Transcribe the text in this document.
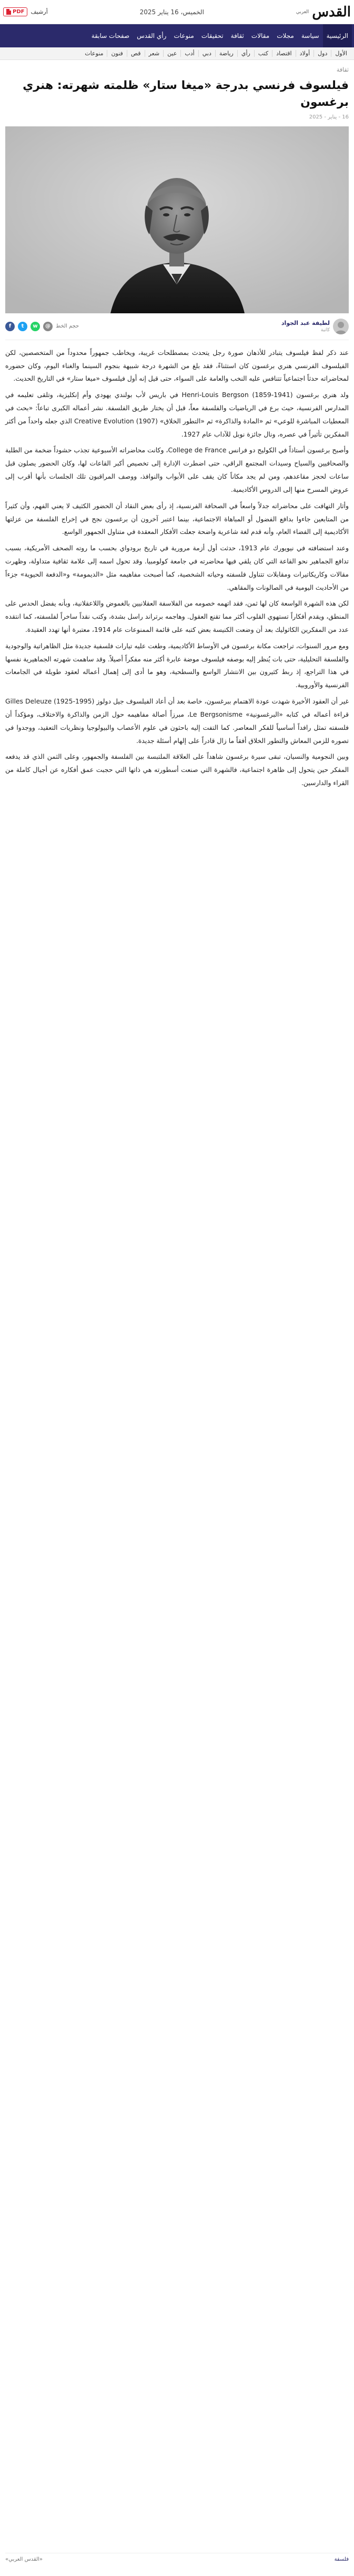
القدس
العربي
الخميس، 16 يناير 2025
PDF أرشيف
الرئيسية
سياسة
مجلات
مقالات
ثقافة
تحقيقات
منوعات
رأي القدس
صفحات سابقة
الأول
دول
أولاد
اقتصاد
كتب
رأي
رياضة
دبي
أدب
عين
شعر
قص
فنون
منوعات
ثقافة
فيلسوف فرنسي بدرجة «ميغا ستار» ظلمته شهرته: هنري برغسون
16 - يناير - 2025
لطيفة عبد الجواد
كاتبة
f	t	w	@	حجم الخط

عند ذكر لفظ فيلسوف يتبادر للأذهان صورة رجل يتحدث بمصطلحات غريبة، ويخاطب جمهوراً محدوداً من المتخصصين، لكن الفيلسوف الفرنسي هنري برغسون كان استثناءً، فقد بلغ من الشهرة درجة شبيهة بنجوم السينما والغناء اليوم، وكان حضوره لمحاضراته حدثاً اجتماعياً تتنافس عليه النخب والعامة على السواء، حتى قيل إنه أول فيلسوف «ميغا ستار» في التاريخ الحديث.

ولد هنري برغسون Henri-Louis Bergson (1859-1941) في باريس لأب بولندي يهودي وأم إنكليزية، وتلقى تعليمه في المدارس الفرنسية، حيث برع في الرياضيات والفلسفة معاً، قبل أن يختار طريق الفلسفة. نشر أعماله الكبرى تباعاً: «بحث في المعطيات المباشرة للوعي» ثم «المادة والذاكرة» ثم «التطور الخلاق» Creative Evolution (1907) الذي جعله واحداً من أكثر المفكرين تأثيراً في عصره، ونال جائزة نوبل للآداب عام 1927.

وأصبح برغسون أستاذاً في الكوليج دو فرانس College de France، وكانت محاضراته الأسبوعية تجذب حشوداً ضخمة من الطلبة والصحافيين والسياح وسيدات المجتمع الراقي، حتى اضطرت الإدارة إلى تخصيص أكبر القاعات لها، وكان الحضور يصلون قبل ساعات لحجز مقاعدهم، ومن لم يجد مكاناً كان يقف على الأبواب والنوافذ، ووصف المراقبون تلك الجلسات بأنها أقرب إلى عروض المسرح منها إلى الدروس الأكاديمية.

وأثار التهافت على محاضراته جدلاً واسعاً في الصحافة الفرنسية، إذ رأى بعض النقاد أن الحضور الكثيف لا يعني الفهم، وأن كثيراً من المتابعين جاءوا بدافع الفضول أو المباهاة الاجتماعية، بينما اعتبر آخرون أن برغسون نجح في إخراج الفلسفة من عزلتها الأكاديمية إلى الفضاء العام، وأنه قدم لغة شاعرية واضحة جعلت الأفكار المعقدة في متناول الجمهور الواسع.

وعند استضافته في نيويورك عام 1913، حدثت أول أزمة مرورية في تاريخ برودواي بحسب ما روته الصحف الأمريكية، بسبب تدافع الجماهير نحو القاعة التي كان يلقي فيها محاضرته في جامعة كولومبيا. وقد تحول اسمه إلى علامة ثقافية متداولة، وظهرت مقالات وكاريكاتيرات ومقابلات تتناول فلسفته وحياته الشخصية، كما أصبحت مفاهيمه مثل «الديمومة» و«الدفعة الحيوية» جزءاً من الأحاديث اليومية في الصالونات والمقاهي.

لكن هذه الشهرة الواسعة كان لها ثمن، فقد اتهمه خصومه من الفلاسفة العقلانيين بالغموض واللاعقلانية، وبأنه يفضل الحدس على المنطق، ويقدم أفكاراً تستهوي القلوب أكثر مما تقنع العقول. وهاجمه برتراند راسل بشدة، وكتب نقداً ساخراً لفلسفته، كما انتقده عدد من المفكرين الكاثوليك بعد أن وضعت الكنيسة بعض كتبه على قائمة الممنوعات عام 1914، معتبرة أنها تهدد العقيدة.

ومع مرور السنوات، تراجعت مكانة برغسون في الأوساط الأكاديمية، وطغت عليه تيارات فلسفية جديدة مثل الظاهراتية والوجودية والفلسفة التحليلية، حتى بات يُنظر إليه بوصفه فيلسوف موضة عابرة أكثر منه مفكراً أصيلاً. وقد ساهمت شهرته الجماهيرية نفسها في هذا التراجع، إذ ربط كثيرون بين الانتشار الواسع والسطحية، وهو ما أدى إلى إهمال أعماله لعقود طويلة في الجامعات الفرنسية والأوروبية.

غير أن العقود الأخيرة شهدت عودة الاهتمام ببرغسون، خاصة بعد أن أعاد الفيلسوف جيل دولوز Gilles Deleuze (1925-1995) قراءة أعماله في كتابه «البرغسونية» Le Bergsonisme، مبرزاً أصالة مفاهيمه حول الزمن والذاكرة والاختلاف، ومؤكداً أن فلسفته تمثل رافداً أساسياً للفكر المعاصر. كما التفت إليه باحثون في علوم الأعصاب والبيولوجيا ونظريات التعقيد، ووجدوا في تصوره للزمن المعاش والتطور الخلاق أفقاً ما زال قادراً على إلهام أسئلة جديدة.

وبين النجومية والنسيان، تبقى سيرة برغسون شاهداً على العلاقة الملتبسة بين الفلسفة والجمهور، وعلى الثمن الذي قد يدفعه المفكر حين يتحول إلى ظاهرة اجتماعية، فالشهرة التي صنعت أسطورته هي ذاتها التي حجبت عمق أفكاره عن أجيال كاملة من القراء والدارسين.

فلسفة
«القدس العربي»
